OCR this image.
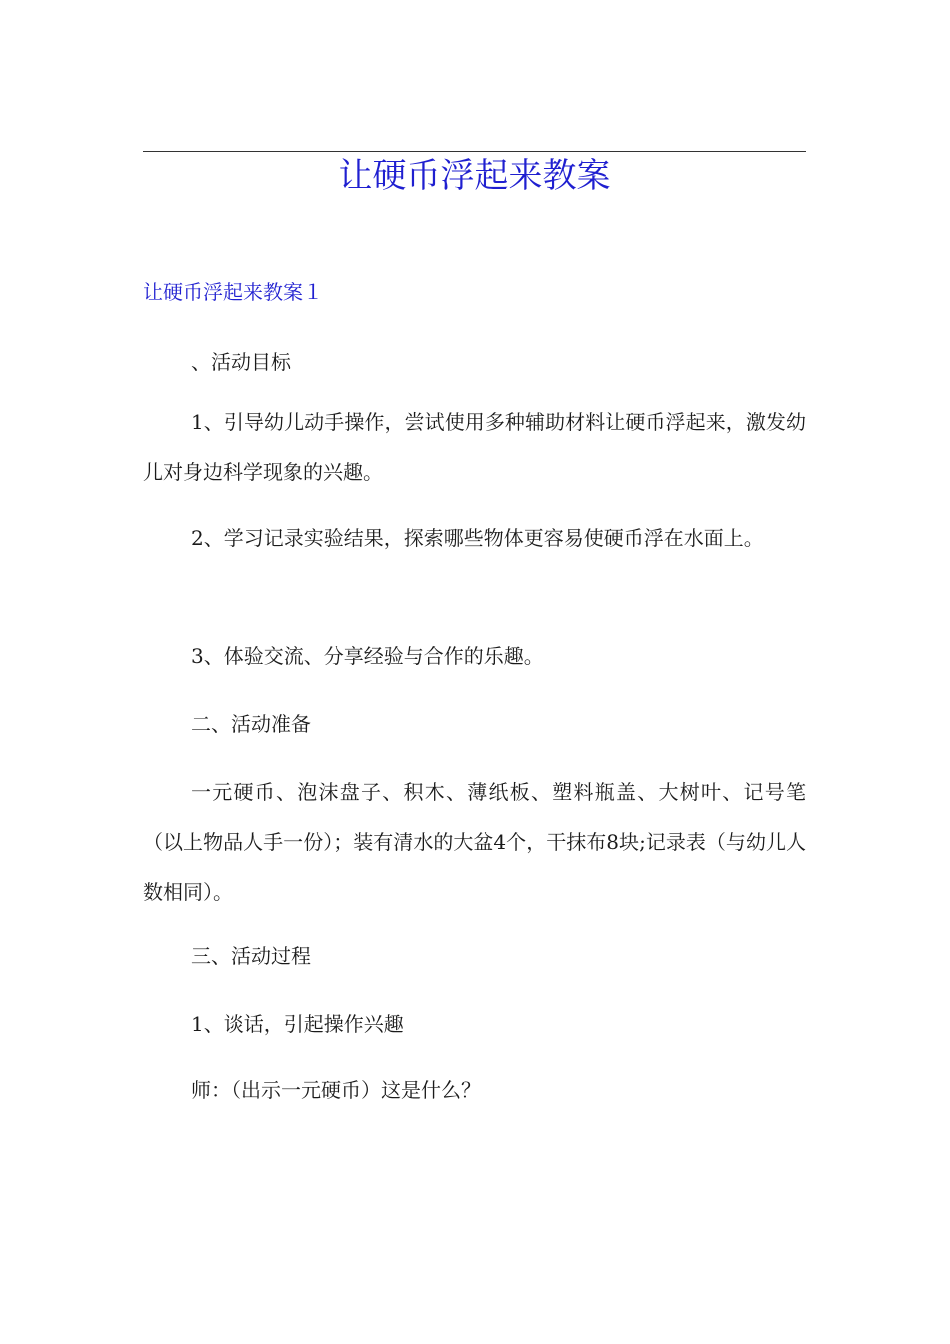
让硬币浮起来教案
让硬币浮起来教案１

、活动目标

1、引导幼儿动手操作，尝试使用多种辅助材料让硬币浮起来，激发幼儿对身边科学现象的兴趣。

2、学习记录实验结果，探索哪些物体更容易使硬币浮在水面上。

3、体验交流、分享经验与合作的乐趣。

二、活动准备

一元硬币、泡沫盘子、积木、薄纸板、塑料瓶盖、大树叶、记号笔（以上物品人手一份）；装有清水的大盆4个，干抹布8块;记录表（与幼儿人数相同）。

三、活动过程

1、谈话，引起操作兴趣

师：（出示一元硬币）这是什么？
